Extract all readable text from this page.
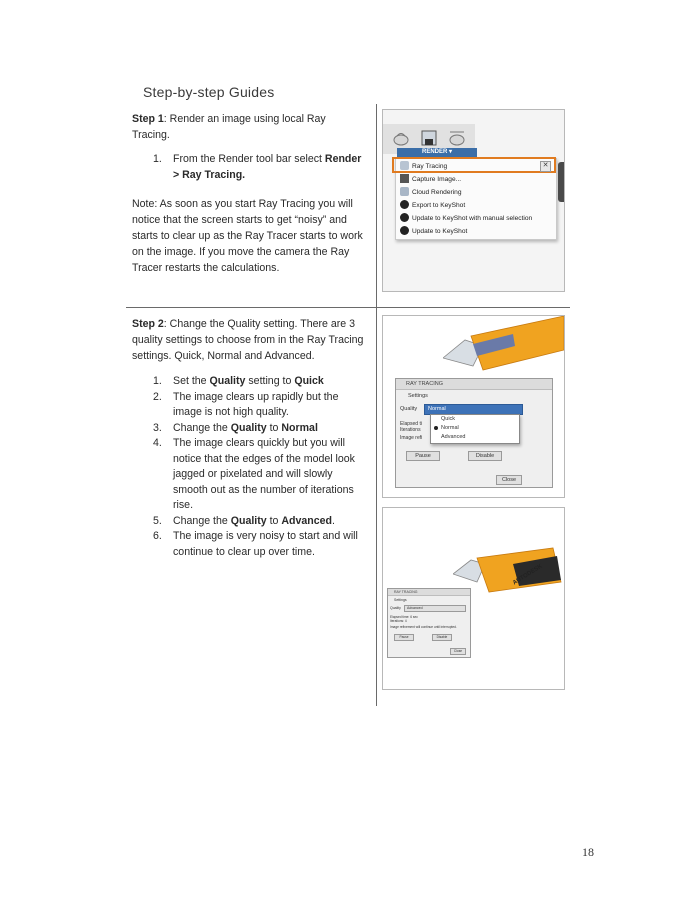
Step-by-step Guides
Step 1: Render an image using local Ray Tracing.
1. From the Render tool bar select Render > Ray Tracing.
Note: As soon as you start Ray Tracing you will notice that the screen starts to get “noisy” and starts to clear up as the Ray Tracer starts to work on the image. If you move the camera the Ray Tracer restarts the calculations.
RENDER ▾
Ray Tracing
Capture Image...
Cloud Rendering
Export to KeyShot
Update to KeyShot with manual selection
Update to KeyShot
✕
Step 2: Change the Quality setting. There are 3 quality settings to choose from in the Ray Tracing settings. Quick, Normal and Advanced.
1. Set the Quality setting to Quick
2. The image clears up rapidly but the image is not high quality.
3. Change the Quality to Normal
4. The image clears quickly but you will notice that the edges of the model look jagged or pixelated and will slowly smooth out as the number of iterations rise.
5. Change the Quality to Advanced.
6. The image is very noisy to start and will continue to clear up over time.
RAY TRACING
Settings
Quality	Normal
Quick
Normal
Advanced
Elapsed ti
Iterations
Image refi
Pause	Disable
Close
AUTODESK
RAY TRACING
Settings
Quality	Advanced
Elapsed time: 6 sec
Iterations: 4
Image refinement will continue until interrupted.
Pause	Disable
Close
18
